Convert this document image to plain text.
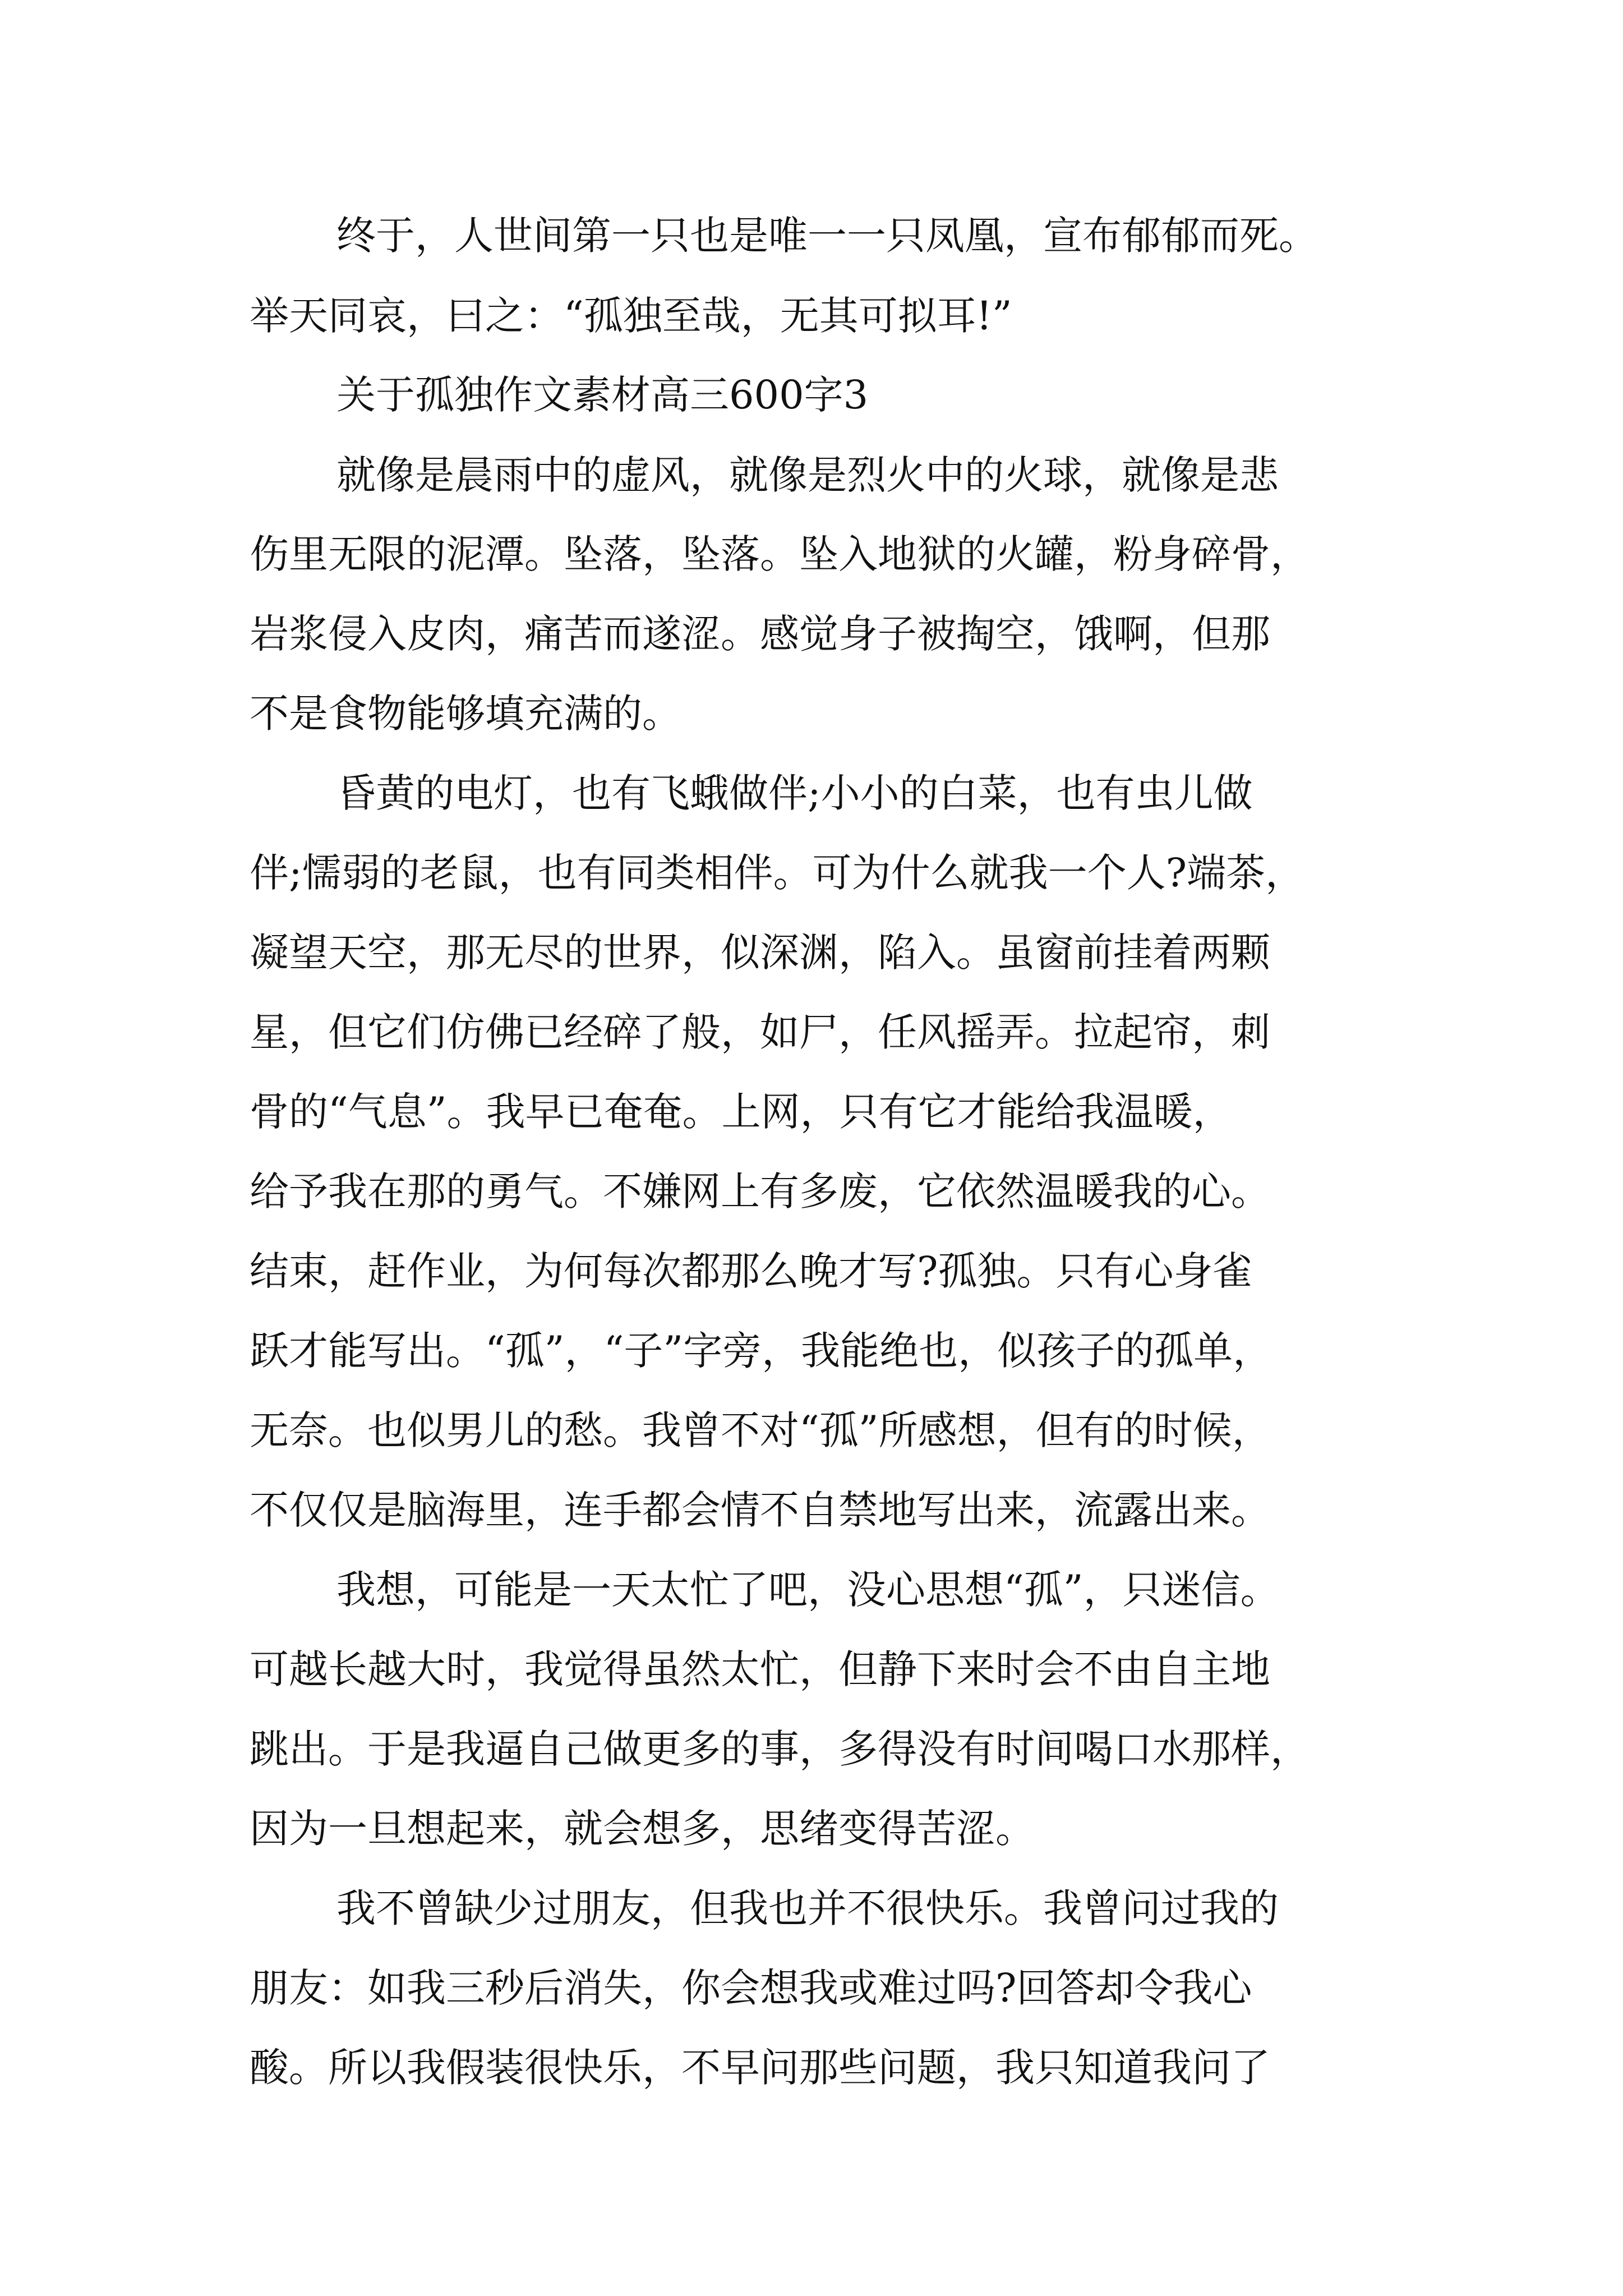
终于，人世间第一只也是唯一一只凤凰，宣布郁郁而死。

举天同哀，曰之：“孤独至哉，无其可拟耳!”

关于孤独作文素材高三600字3

就像是晨雨中的虚风，就像是烈火中的火球，就像是悲

伤里无限的泥潭。坠落，坠落。坠入地狱的火罐，粉身碎骨，

岩浆侵入皮肉，痛苦而遂涩。感觉身子被掏空，饿啊，但那

不是食物能够填充满的。

昏黄的电灯，也有飞蛾做伴;小小的白菜，也有虫儿做

伴;懦弱的老鼠，也有同类相伴。可为什么就我一个人?端茶，

凝望天空，那无尽的世界，似深渊，陷入。虽窗前挂着两颗

星，但它们仿佛已经碎了般，如尸，任风摇弄。拉起帘，刺

骨的“气息”。我早已奄奄。上网，只有它才能给我温暖，

给予我在那的勇气。不嫌网上有多废，它依然温暖我的心。

结束，赶作业，为何每次都那么晚才写?孤独。只有心身雀

跃才能写出。“孤”，“子”字旁，我能绝也，似孩子的孤单，

无奈。也似男儿的愁。我曾不对“孤”所感想，但有的时候，

不仅仅是脑海里，连手都会情不自禁地写出来，流露出来。

我想，可能是一天太忙了吧，没心思想“孤”，只迷信。

可越长越大时，我觉得虽然太忙，但静下来时会不由自主地

跳出。于是我逼自己做更多的事，多得没有时间喝口水那样，

因为一旦想起来，就会想多，思绪变得苦涩。

我不曾缺少过朋友，但我也并不很快乐。我曾问过我的

朋友：如我三秒后消失，你会想我或难过吗?回答却令我心

酸。所以我假装很快乐，不早问那些问题，我只知道我问了
